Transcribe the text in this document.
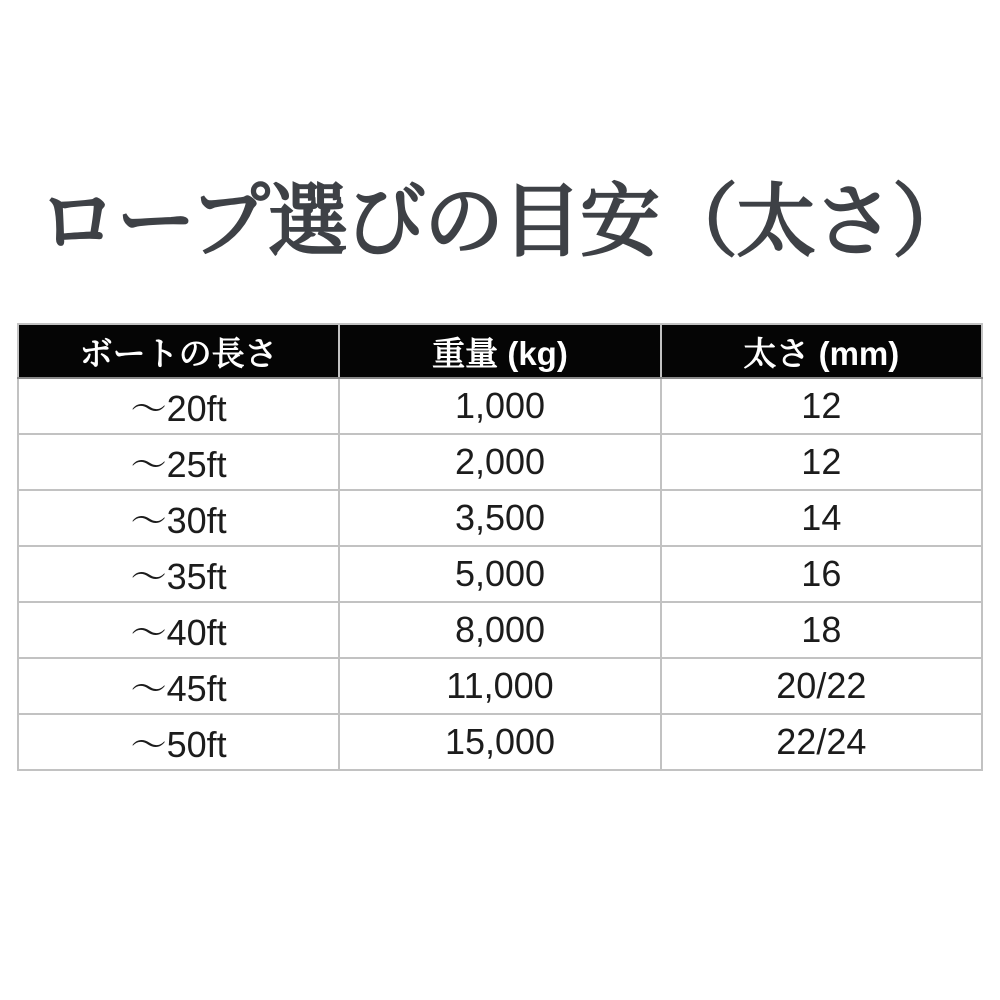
ロープ選びの目安（太さ）
ボートの長さ	重量 (kg)	太さ (mm)
～20ft	1,000	12
～25ft	2,000	12
～30ft	3,500	14
～35ft	5,000	16
～40ft	8,000	18
～45ft	11,000	20/22
～50ft	15,000	22/24
